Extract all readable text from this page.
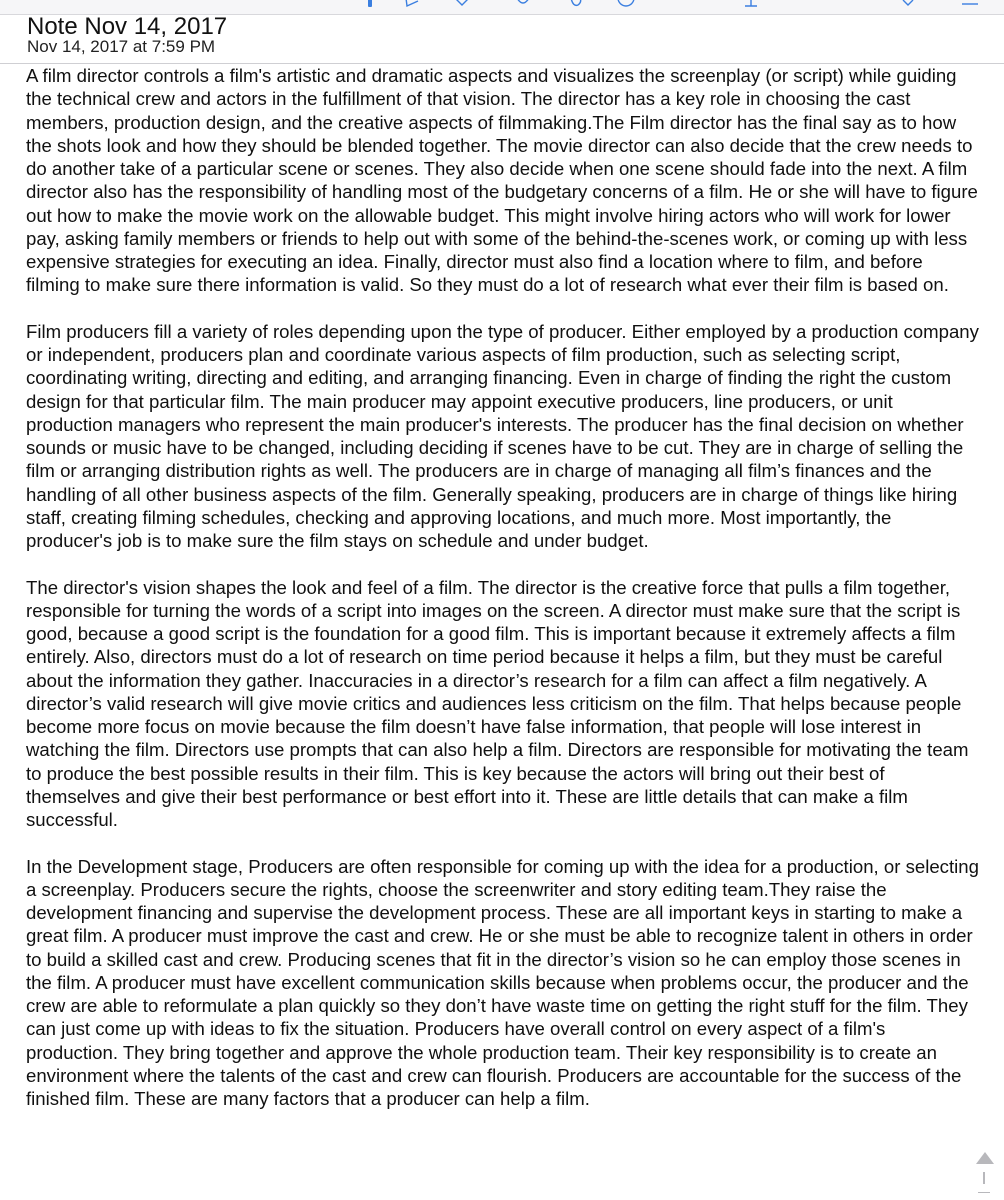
Note Nov 14, 2017
Nov 14, 2017 at 7:59 PM

A film director controls a film's artistic and dramatic aspects and visualizes the screenplay (or script) while guiding the technical crew and actors in the fulfillment of that vision. The director has a key role in choosing the cast members, production design, and the creative aspects of filmmaking.The Film director has the final say as to how the shots look and how they should be blended together. The movie director can also decide that the crew needs to do another take of a particular scene or scenes. They also decide when one scene should fade into the next. A film director also has the responsibility of handling most of the budgetary concerns of a film. He or she will have to figure out how to make the movie work on the allowable budget. This might involve hiring actors who will work for lower pay, asking family members or friends to help out with some of the behind-the-scenes work, or coming up with less expensive strategies for executing an idea. Finally, director must also find a location where to film, and before filming to make sure there information is valid. So they must do a lot of research what ever their film is based on.

Film producers fill a variety of roles depending upon the type of producer. Either employed by a production company or independent, producers plan and coordinate various aspects of film production, such as selecting script, coordinating writing, directing and editing, and arranging financing. Even in charge of finding the right the custom design for that particular film. The main producer may appoint executive producers, line producers, or unit production managers who represent the main producer's interests. The producer has the final decision on whether sounds or music have to be changed, including deciding if scenes have to be cut. They are in charge of selling the film or arranging distribution rights as well. The producers are in charge of managing all film’s finances and the handling of all other business aspects of the film. Generally speaking, producers are in charge of things like hiring staff, creating filming schedules, checking and approving locations, and much more. Most importantly, the producer's job is to make sure the film stays on schedule and under budget.

The director's vision shapes the look and feel of a film. The director is the creative force that pulls a film together, responsible for turning the words of a script into images on the screen. A director must make sure that the script is good, because a good script is the foundation for a good film. This is important because it extremely affects a film entirely. Also, directors must do a lot of research on time period because it helps a film, but they must be careful about the information they gather. Inaccuracies in a director’s research for a film can affect a film negatively. A director’s valid research will give movie critics and audiences less criticism on the film. That helps because people become more focus on movie because the film doesn’t have false information, that people will lose interest in watching the film. Directors use prompts that can also help a film. Directors are responsible for motivating the team to produce the best possible results in their film. This is key because the actors will bring out their best of themselves and give their best performance or best effort into it. These are little details that can make a film successful.

In the Development stage, Producers are often responsible for coming up with the idea for a production, or selecting a screenplay. Producers secure the rights, choose the screenwriter and story editing team.They raise the development financing and supervise the development process. These are all important keys in starting to make a great film. A producer must improve the cast and crew. He or she must be able to recognize talent in others in order to build a skilled cast and crew. Producing scenes that fit in the director’s vision so he can employ those scenes in the film. A producer must have excellent communication skills because when problems occur, the producer and the crew are able to reformulate a plan quickly so they don’t have waste time on getting the right stuff for the film. They can just come up with ideas to fix the situation. Producers have overall control on every aspect of a film's production. They bring together and approve the whole production team. Their key responsibility is to create an environment where the talents of the cast and crew can flourish. Producers are accountable for the success of the finished film. These are many factors that a producer can help a film.
